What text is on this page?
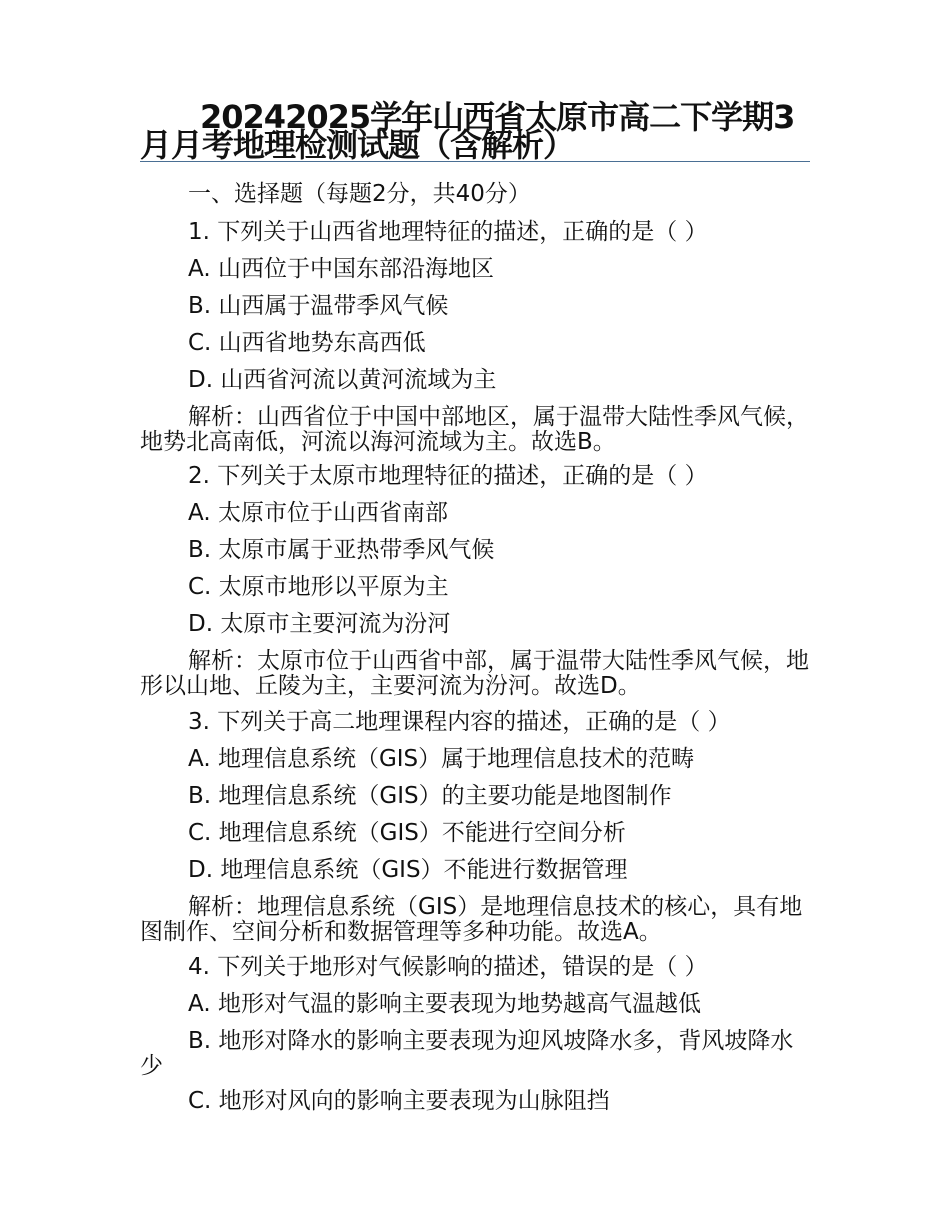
20242025学年山西省太原市高二下学期3月月考地理检测试题（含解析）
一、选择题（每题2分，共40分）
1. 下列关于山西省地理特征的描述，正确的是（ ）
A. 山西位于中国东部沿海地区
B. 山西属于温带季风气候
C. 山西省地势东高西低
D. 山西省河流以黄河流域为主
解析：山西省位于中国中部地区，属于温带大陆性季风气候，地势北高南低，河流以海河流域为主。故选B。
2. 下列关于太原市地理特征的描述，正确的是（ ）
A. 太原市位于山西省南部
B. 太原市属于亚热带季风气候
C. 太原市地形以平原为主
D. 太原市主要河流为汾河
解析：太原市位于山西省中部，属于温带大陆性季风气候，地形以山地、丘陵为主，主要河流为汾河。故选D。
3. 下列关于高二地理课程内容的描述，正确的是（ ）
A. 地理信息系统（GIS）属于地理信息技术的范畴
B. 地理信息系统（GIS）的主要功能是地图制作
C. 地理信息系统（GIS）不能进行空间分析
D. 地理信息系统（GIS）不能进行数据管理
解析：地理信息系统（GIS）是地理信息技术的核心，具有地图制作、空间分析和数据管理等多种功能。故选A。
4. 下列关于地形对气候影响的描述，错误的是（ ）
A. 地形对气温的影响主要表现为地势越高气温越低
B. 地形对降水的影响主要表现为迎风坡降水多，背风坡降水少
C. 地形对风向的影响主要表现为山脉阻挡
